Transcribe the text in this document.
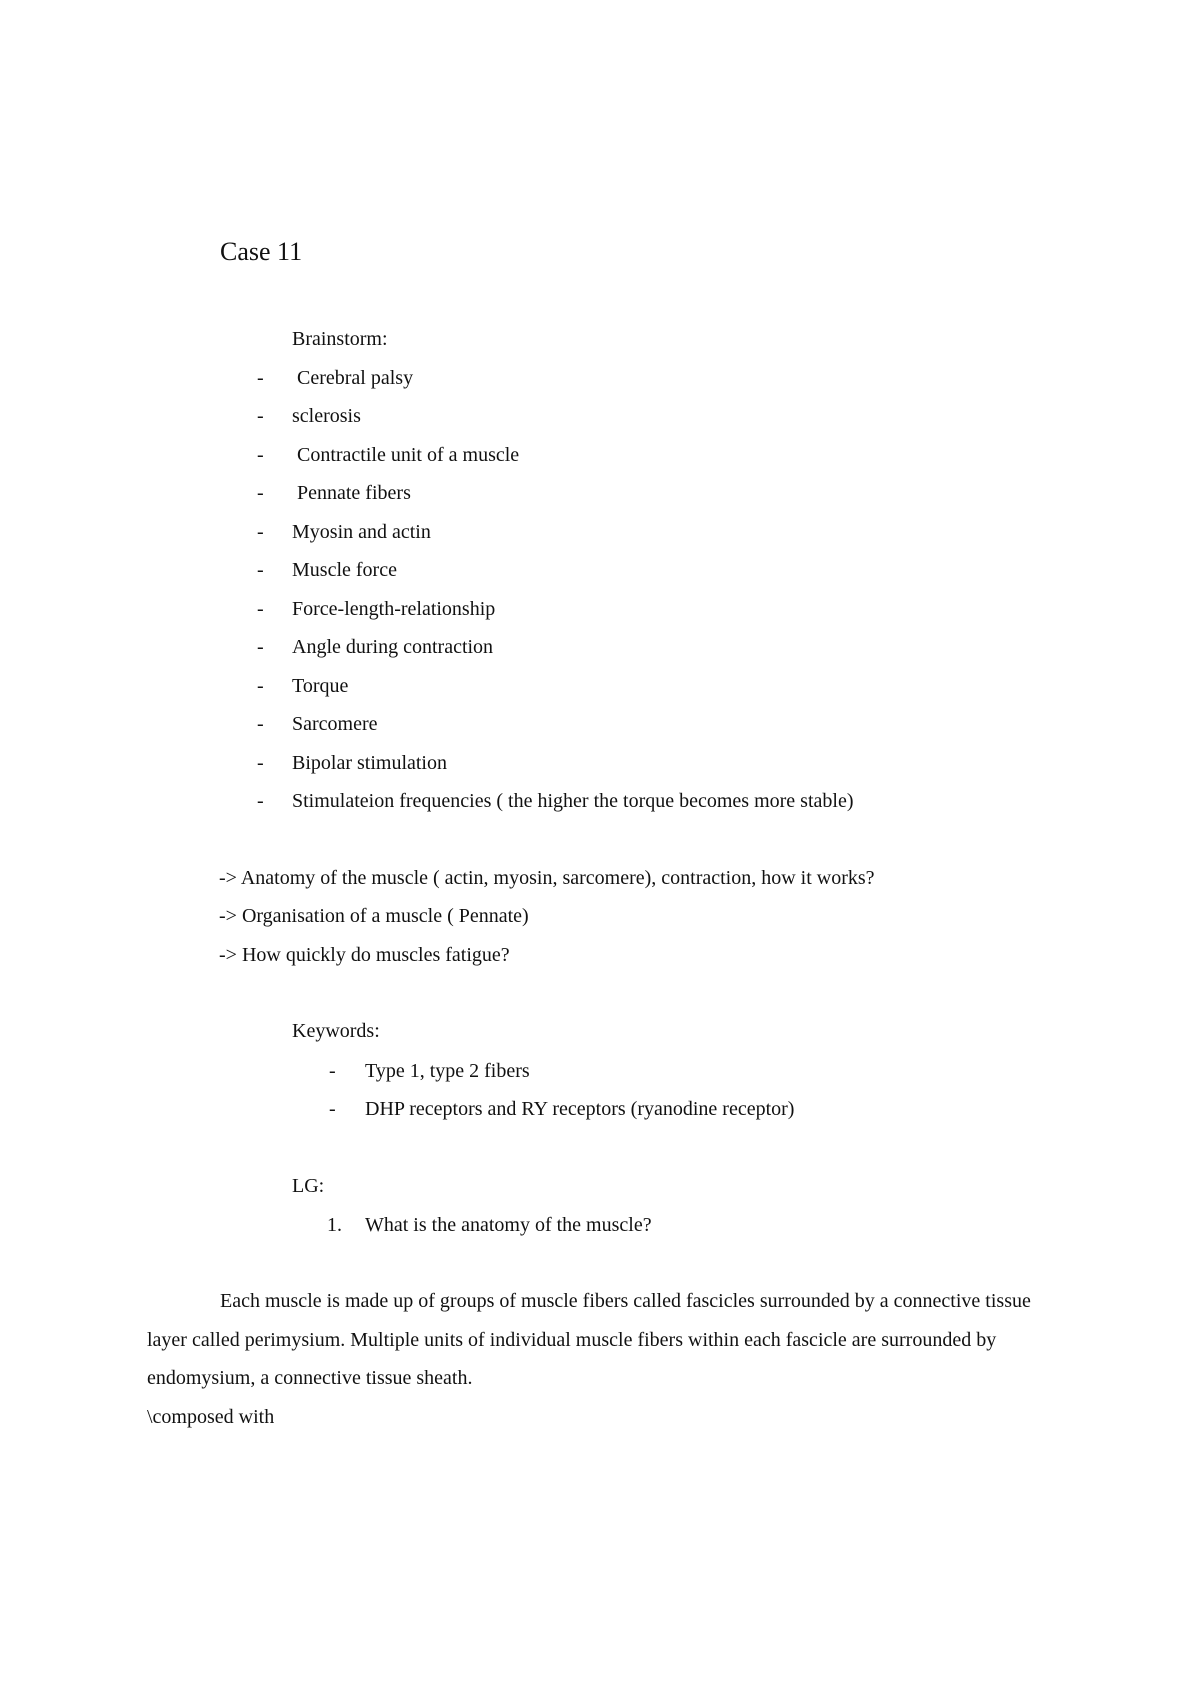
Case 11
Brainstorm:
- Cerebral palsy
- sclerosis
- Contractile unit of a muscle
- Pennate fibers
- Myosin and actin
- Muscle force
- Force-length-relationship
- Angle during contraction
- Torque
- Sarcomere
- Bipolar stimulation
- Stimulateion frequencies ( the higher the torque becomes more stable)
-> Anatomy of the muscle ( actin, myosin, sarcomere), contraction, how it works?
-> Organisation of a muscle ( Pennate)
-> How quickly do muscles fatigue?
Keywords:
- Type 1, type 2 fibers
- DHP receptors and RY receptors (ryanodine receptor)
LG:
1. What is the anatomy of the muscle?

Each muscle is made up of groups of muscle fibers called fascicles surrounded by a connective tissue layer called perimysium. Multiple units of individual muscle fibers within each fascicle are surrounded by endomysium, a connective tissue sheath.

\composed with
